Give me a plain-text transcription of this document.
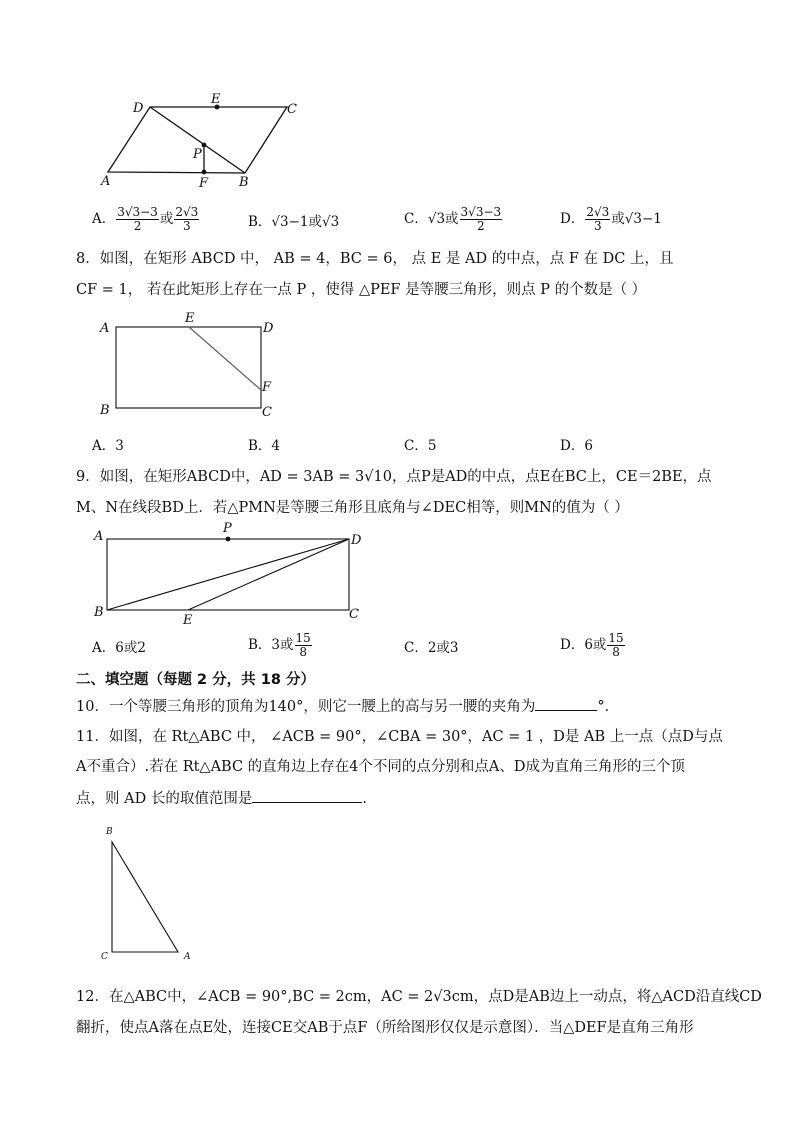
D
E
C
P
A	F B
A． $\frac{3√3-3}{2}$ 或 $\frac{2√3}{3}$	B．√3−1或√3	C．√3或 $\frac{3√3-3}{2}$	D． $\frac{2√3}{3}$ 或√3−1
8．如图，在矩形 ABCD 中， AB = 4，BC = 6， 点 E 是 AD 的中点，点 F 在 DC 上，且
CF = 1， 若在此矩形上存在一点 P ，使得 △PEF 是等腰三角形，则点 P 的个数是（ ）
A
E
D
F
B	C
A．3	B．4	C．5	D．6
9．如图，在矩形ABCD中，AD = 3AB = 3√10，点P是AD的中点，点E在BC上，CE＝2BE，点
M、N在线段BD上．若△PMN是等腰三角形且底角与∠DEC相等，则MN的值为（ ）
A
P
D
B
E	C
A．6或2	B．3或 $\frac{15}{8}$	C．2或3	D．6或 $\frac{15}{8}$
二、填空题（每题 2 分，共 18 分）
10．一个等腰三角形的顶角为140°，则它一腰上的高与另一腰的夹角为	°．
11．如图，在 Rt△ABC 中， ∠ACB = 90°，∠CBA = 30°，AC = 1 ，D是 AB 上一点（点D与点
A不重合）.若在 Rt△ABC 的直角边上存在4个不同的点分别和点A、D成为直角三角形的三个顶
点，则 AD 长的取值范围是	.
B
C	A
12．在△ABC中，∠ACB = 90°,BC = 2cm，AC = 2√3cm，点D是AB边上一动点，将△ACD沿直线CD
翻折，使点A落在点E处，连接CE交AB于点F（所给图形仅仅是示意图）．当△DEF是直角三角形
